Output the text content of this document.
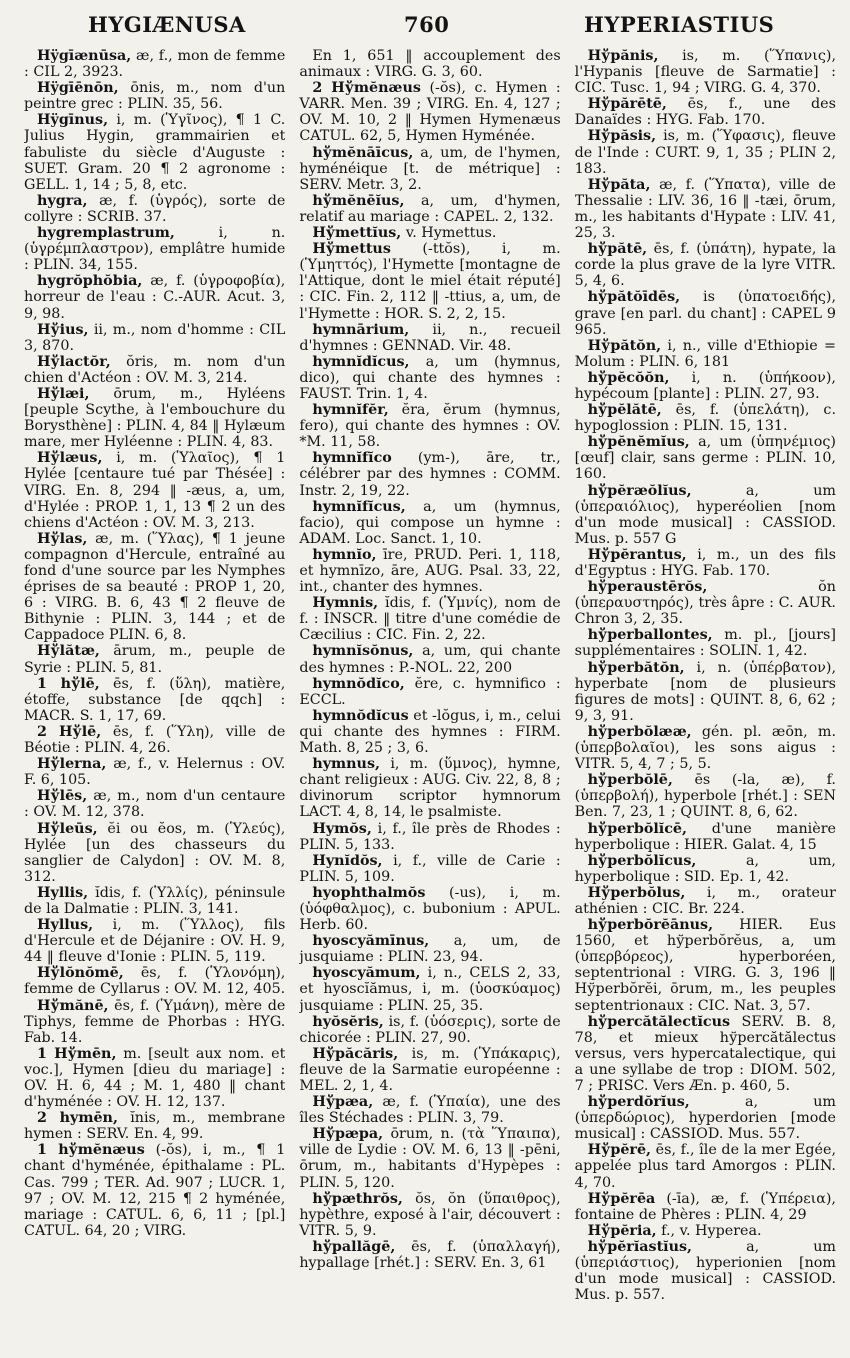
HYGIÆNUSA	760	HYPERIASTIUS

Hÿgīænūsa, æ, f., mon de femme : CIL 2, 3923.

Hÿgīēnōn, ōnis, m., nom d'un peintre grec : PLIN. 35, 56.

Hÿgīnus, i, m. (Ὑγῖνος), ¶ 1 C. Julius Hygin, grammairien et fabuliste du siècle d'Auguste : SUET. Gram. 20 ¶ 2 agronome : GELL. 1, 14 ; 5, 8, etc.

hygra, æ, f. (ὑγρός), sorte de collyre : SCRIB. 37.

hygremplastrum,	i, n. (ὑγρέμπλαστρον), emplâtre humide : PLIN. 34, 155.

hygrŏphŏbia, æ, f. (ὑγροφοβία), horreur de l'eau : C.-AUR. Acut. 3, 9, 98.

Hўius, ii, m., nom d'homme : CIL 3, 870.

Hўlactŏr, ŏris, m. nom d'un chien d'Actéon : OV. M. 3, 214.

Hўlæi, ōrum, m., Hyléens [peuple Scythe, à l'embouchure du Borysthène] : PLIN. 4, 84 ‖ Hylæum mare, mer Hyléenne : PLIN. 4, 83.

Hўlæus, i, m. (Ὑλαῖος), ¶ 1 Hylée [centaure tué par Thésée] : VIRG. En. 8, 294 ‖ -æus, a, um, d'Hylée : PROP. 1, 1, 13 ¶ 2 un des chiens d'Actéon : OV. M. 3, 213.

Hўlas, æ, m. (Ὕλας), ¶ 1 jeune compagnon d'Hercule, entraîné au fond d'une source par les Nymphes éprises de sa beauté : PROP 1, 20, 6 : VIRG. B. 6, 43 ¶ 2 fleuve de Bithynie : PLIN. 3, 144 ; et de Cappadoce PLIN. 6, 8.

Hўlătæ, ārum, m., peuple de Syrie : PLIN. 5, 81.

1 hўlē, ēs, f. (ὕλη), matière, étoffe, substance [de qqch] : MACR. S. 1, 17, 69.

2 Hўlē, ēs, f. (Ὕλη), ville de Béotie : PLIN. 4, 26.

Hўlerna, æ, f., v. Helernus : OV. F. 6, 105.

Hўlēs, æ, m., nom d'un centaure : OV. M. 12, 378.

Hўleūs, ĕi ou ĕos, m. (Ὑλεύς), Hylée [un des chasseurs du sanglier de Calydon] : OV. M. 8, 312.

Hyllis, ĭdis, f. (Ὑλλίς), péninsule de la Dalmatie : PLIN. 3, 141.

Hyllus, i, m. (Ὕλλος), fils d'Hercule et de Déjanire : OV. H. 9, 44 ‖ fleuve d'Ionie : PLIN. 5, 119.

Hўlŏnŏmē, ēs, f. (Ὑλονόμη), femme de Cyllarus : OV. M. 12, 405.

Hўmănē, ēs, f. (Ὑμάνη), mère de Tiphys, femme de Phorbas : HYG. Fab. 14.

1 Hўmēn, m. [seult aux nom. et voc.], Hymen [dieu du mariage] : OV. H. 6, 44 ; M. 1, 480 ‖ chant d'hyménée : OV. H. 12, 137.

2 hymēn, ĭnis, m., membrane hymen : SERV. En. 4, 99.

1 hўmĕnæus (-ŏs), i, m., ¶ 1 chant d'hyménée, épithalame : PL. Cas. 799 ; TER. Ad. 907 ; LUCR. 1, 97 ; OV. M. 12, 215 ¶ 2 hyménée, mariage : CATUL. 6, 6, 11 ; [pl.] CATUL. 64, 20 ; VIRG.

En 1, 651 ‖ accouplement des animaux : VIRG. G. 3, 60.

2 Hўmĕnæus (-ŏs), c. Hymen : VARR. Men. 39 ; VIRG. En. 4, 127 ; OV. M. 10, 2 ‖ Hymen Hymenæus CATUL. 62, 5, Hymen Hyménée.

hўmĕnāīcus, a, um, de l'hymen, hyménéique [t. de métrique] : SERV. Metr. 3, 2.

hўmĕnēĭus, a, um, d'hymen, relatif au mariage : CAPEL. 2, 132.

Hўmettĭus, v. Hymettus.

Hўmettus (-ttŏs), i, m. (Ὑμηττός), l'Hymette [montagne de l'Attique, dont le miel était réputé] : CIC. Fin. 2, 112 ‖ -ttius, a, um, de l'Hymette : HOR. S. 2, 2, 15.

hymnārium, ii, n., recueil d'hymnes : GENNAD. Vir. 48.

hymnĭdĭcus, a, um (hymnus, dico), qui chante des hymnes : FAUST. Trin. 1, 4.

hymnĭfĕr, ĕra, ĕrum (hymnus, fero), qui chante des hymnes : OV. *M. 11, 58.

hymnĭfĭco (ym-), āre, tr., célébrer par des hymnes : COMM. Instr. 2, 19, 22.

hymnĭfĭcus, a, um (hymnus, facio), qui compose un hymne : ADAM. Loc. Sanct. 1, 10.

hymnĭo, īre, PRUD. Peri. 1, 118, et hymnīzo, āre, AUG. Psal. 33, 22, int., chanter des hymnes.

Hymnis, ĭdis, f. (Ὑμνίς), nom de f. : INSCR. ‖ titre d'une comédie de Cæcilius : CIC. Fin. 2, 22.

hymnĭsŏnus, a, um, qui chante des hymnes : P.-NOL. 22, 200

hymnŏdĭco, ĕre, c. hymnifico : ECCL.

hymnŏdĭcus et -lŏgus, i, m., celui qui chante des hymnes : FIRM. Math. 8, 25 ; 3, 6.

hymnus, i, m. (ὕμνος), hymne, chant religieux : AUG. Civ. 22, 8, 8 ; divinorum scriptor hymnorum LACT. 4, 8, 14, le psalmiste.

Hymŏs, i, f., île près de Rhodes : PLIN. 5, 133.

Hynĭdŏs, i, f., ville de Carie : PLIN. 5, 109.

hyophthalmŏs (-us), i, m. (ὑόφθαλμος), c. bubonium : APUL. Herb. 60.

hyoscyămīnus, a, um, de jusquiame : PLIN. 23, 94.

hyoscyămum, i, n., CELS 2, 33, et hyoscĭămus, i, m. (ὑοσκύαμος) jusquiame : PLIN. 25, 35.

hyŏsĕris, is, f. (ὑόσερις), sorte de chicorée : PLIN. 27, 90.

Hўpăcăris, is, m. (Ὑπάκαρις), fleuve de la Sarmatie européenne : MEL. 2, 1, 4.

Hўpæa, æ, f. (Ὑπαία), une des îles Stéchades : PLIN. 3, 79.

Hўpæpa, ōrum, n. (τὰ Ὕπαιπα), ville de Lydie : OV. M. 6, 13 ‖ -pēni, ōrum, m., habitants d'Hypèpes : PLIN. 5, 120.

hўpæthrŏs, ŏs, ŏn (ὕπαιθρος), hypèthre, exposé à l'air, découvert : VITR. 5, 9.

hўpallăgē, ēs, f. (ὑπαλλαγή), hypallage [rhét.] : SERV. En. 3, 61

Hўpănis, is, m. (Ὕπανις), l'Hypanis [fleuve de Sarmatie] : CIC. Tusc. 1, 94 ; VIRG. G. 4, 370.

Hўpărētē, ēs, f., une des Danaïdes : HYG. Fab. 170.

Hўpăsis, is, m. (Ὕφασις), fleuve de l'Inde : CURT. 9, 1, 35 ; PLIN 2, 183.

Hўpăta, æ, f. (Ὕπατα), ville de Thessalie : LIV. 36, 16 ‖ -tæi, ōrum, m., les habitants d'Hypate : LIV. 41, 25, 3.

hўpătē, ēs, f. (ὑπάτη), hypate, la corde la plus grave de la lyre VITR. 5, 4, 6.

hўpătŏīdēs, is (ὑπατοειδής), grave [en parl. du chant] : CAPEL 9 965.

Hўpătŏn, i, n., ville d'Ethiopie = Molum : PLIN. 6, 181

hўpĕcŏŏn, i, n. (ὑπήκοον), hypécoum [plante] : PLIN. 27, 93.

hўpĕlătē, ēs, f. (ὑπελάτη), c. hypoglossion : PLIN. 15, 131.

hўpĕnĕmĭus, a, um (ὑπηνέμιος) [œuf] clair, sans germe : PLIN. 10, 160.

hўpĕræŏlĭus,	a, um (ὑπεραιόλιος), hyperéolien [nom d'un mode musical] : CASSIOD. Mus. p. 557 G

Hўpĕrantus, i, m., un des fils d'Egyptus : HYG. Fab. 170.

hўperaustērŏs,	ŏn (ὑπεραυστηρός), très âpre : C. AUR. Chron 3, 2, 35.

hўperballontes, m. pl., [jours] supplémentaires : SOLIN. 1, 42.

hўperbătŏn, i, n. (ὑπέρβατον), hyperbate [nom de plusieurs figures de mots] : QUINT. 8, 6, 62 ; 9, 3, 91.

hўperbŏlææ, gén. pl. æōn, m. (ὑπερβολαῖοι), les sons aigus : VITR. 5, 4, 7 ; 5, 5.

hўperbŏlē, ēs (-la, æ), f. (ὑπερβολή), hyperbole [rhét.] : SEN Ben. 7, 23, 1 ; QUINT. 8, 6, 62.

hўperbŏlĭcē, d'une manière hyperbolique : HIER. Galat. 4, 15

hўperbŏlĭcus,	a, um, hyperbolique : SID. Ep. 1, 42.

Hўperbŏlus, i, m., orateur athénien : CIC. Br. 224.

hўperbŏrĕānus, HIER. Eus 1560, et hўperbŏrĕus, a, um (ὑπερβόρεος), hyperboréen, septentrional : VIRG. G. 3, 196 ‖ Hўperbŏrĕi, ōrum, m., les peuples septentrionaux : CIC. Nat. 3, 57.

hўpercătălectĭcus SERV. B. 8, 78, et mieux hўpercătălectus versus, vers hypercatalectique, qui a une syllabe de trop : DIOM. 502, 7 ; PRISC. Vers Æn. p. 460, 5.

hўperdŏrĭus,	a, um (ὑπερδώριος), hyperdorien [mode musical] : CASSIOD. Mus. 557.

Hўpĕrē, ēs, f., île de la mer Egée, appelée plus tard Amorgos : PLIN. 4, 70.

Hўpĕrēa (-īa), æ, f. (Ὑπέρεια), fontaine de Phères : PLIN. 4, 29

Hўpĕria, f., v. Hyperea.

hўpĕrĭastĭus,	a, um (ὑπεριάστιος), hyperionien [nom d'un mode musical] : CASSIOD. Mus. p. 557.
